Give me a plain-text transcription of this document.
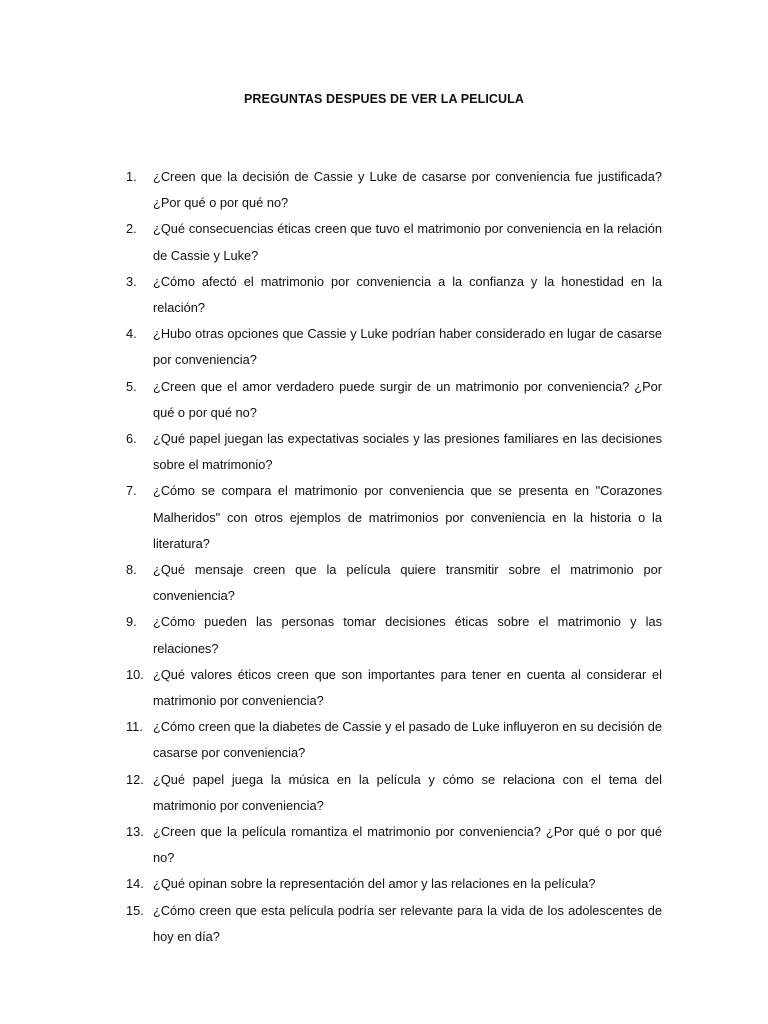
PREGUNTAS DESPUES DE VER LA PELICULA
1. ¿Creen que la decisión de Cassie y Luke de casarse por conveniencia fue justificada? ¿Por qué o por qué no?
2. ¿Qué consecuencias éticas creen que tuvo el matrimonio por conveniencia en la relación de Cassie y Luke?
3. ¿Cómo afectó el matrimonio por conveniencia a la confianza y la honestidad en la relación?
4. ¿Hubo otras opciones que Cassie y Luke podrían haber considerado en lugar de casarse por conveniencia?
5. ¿Creen que el amor verdadero puede surgir de un matrimonio por conveniencia? ¿Por qué o por qué no?
6. ¿Qué papel juegan las expectativas sociales y las presiones familiares en las decisiones sobre el matrimonio?
7. ¿Cómo se compara el matrimonio por conveniencia que se presenta en "Corazones Malheridos" con otros ejemplos de matrimonios por conveniencia en la historia o la literatura?
8. ¿Qué mensaje creen que la película quiere transmitir sobre el matrimonio por conveniencia?
9. ¿Cómo pueden las personas tomar decisiones éticas sobre el matrimonio y las relaciones?
10. ¿Qué valores éticos creen que son importantes para tener en cuenta al considerar el matrimonio por conveniencia?
11. ¿Cómo creen que la diabetes de Cassie y el pasado de Luke influyeron en su decisión de casarse por conveniencia?
12. ¿Qué papel juega la música en la película y cómo se relaciona con el tema del matrimonio por conveniencia?
13. ¿Creen que la película romantiza el matrimonio por conveniencia? ¿Por qué o por qué no?
14. ¿Qué opinan sobre la representación del amor y las relaciones en la película?
15. ¿Cómo creen que esta película podría ser relevante para la vida de los adolescentes de hoy en día?
